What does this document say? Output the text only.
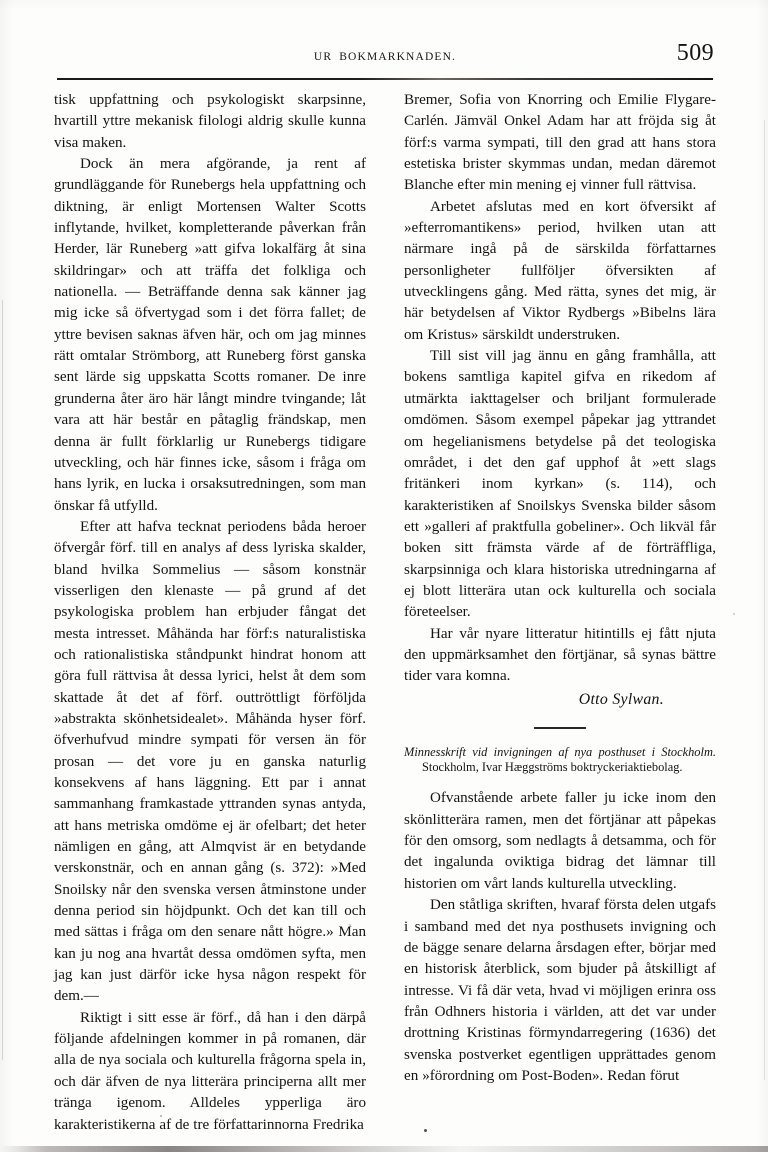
UR BOKMARKNADEN.	509

tisk uppfattning och psykologiskt skarpsinne, hvartill yttre mekanisk filologi aldrig skulle kunna visa maken.

Dock än mera afgörande, ja rent af grundläggande för Runebergs hela uppfattning och diktning, är enligt Mortensen Walter Scotts inflytande, hvilket, kompletterande påverkan från Herder, lär Runeberg »att gifva lokalfärg åt sina skildringar» och att träffa det folkliga och nationella. — Beträffande denna sak känner jag mig icke så öfvertygad som i det förra fallet; de yttre bevisen saknas äfven här, och om jag minnes rätt omtalar Strömborg, att Runeberg först ganska sent lärde sig uppskatta Scotts romaner. De inre grunderna åter äro här långt mindre tvingande; låt vara att här består en påtaglig frändskap, men denna är fullt förklarlig ur Runebergs tidigare utveckling, och här finnes icke, såsom i fråga om hans lyrik, en lucka i orsaksutredningen, som man önskar få utfylld.

Efter att hafva tecknat periodens båda heroer öfvergår förf. till en analys af dess lyriska skalder, bland hvilka Sommelius — såsom konstnär visserligen den klenaste — på grund af det psykologiska problem han erbjuder fångat det mesta intresset. Måhända har förf:s naturalistiska och rationalistiska ståndpunkt hindrat honom att göra full rättvisa åt dessa lyrici, helst åt dem som skattade åt det af förf. outtröttligt förföljda »abstrakta skönhetsidealet». Måhända hyser förf. öfverhufvud mindre sympati för versen än för prosan — det vore ju en ganska naturlig konsekvens af hans läggning. Ett par i annat sammanhang framkastade yttranden synas antyda, att hans metriska omdöme ej är ofelbart; det heter nämligen en gång, att Almqvist är en betydande verskonstnär, och en annan gång (s. 372): »Med Snoilsky når den svenska versen åtminstone under denna period sin höjdpunkt. Och det kan till och med sättas i fråga om den senare nått högre.» Man kan ju nog ana hvartåt dessa omdömen syfta, men jag kan just därför icke hysa någon respekt för dem.—

Riktigt i sitt esse är förf., då han i den därpå följande afdelningen kommer in på romanen, där alla de nya sociala och kulturella frågorna spela in, och där äfven de nya litterära principerna allt mer tränga igenom. Alldeles ypperliga äro karakteristikerna af de tre författarinnorna Fredrika

Bremer, Sofia von Knorring och Emilie Flygare-Carlén. Jämväl Onkel Adam har att fröjda sig åt förf:s varma sympati, till den grad att hans stora estetiska brister skymmas undan, medan däremot Blanche efter min mening ej vinner full rättvisa.

Arbetet afslutas med en kort öfversikt af »efterromantikens» period, hvilken utan att närmare ingå på de särskilda författarnes personligheter fullföljer öfversikten af utvecklingens gång. Med rätta, synes det mig, är här betydelsen af Viktor Rydbergs »Bibelns lära om Kristus» särskildt understruken.

Till sist vill jag ännu en gång framhålla, att bokens samtliga kapitel gifva en rikedom af utmärkta iakttagelser och briljant formulerade omdömen. Såsom exempel påpekar jag yttrandet om hegelianismens betydelse på det teologiska området, i det den gaf upphof åt »ett slags fritänkeri inom kyrkan» (s. 114), och karakteristiken af Snoilskys Svenska bilder såsom ett »galleri af praktfulla gobeliner». Och likväl får boken sitt främsta värde af de förträffliga, skarpsinniga och klara historiska utredningarna af ej blott litterära utan ock kulturella och sociala företeelser.

Har vår nyare litteratur hitintills ej fått njuta den uppmärksamhet den förtjänar, så synas bättre tider vara komna.

Otto Sylwan.

Minnesskrift vid invigningen af nya posthuset i Stockholm. Stockholm, Ivar Hæggströms boktryckeriaktiebolag.

Ofvanstående arbete faller ju icke inom den skönlitterära ramen, men det förtjänar att påpekas för den omsorg, som nedlagts å detsamma, och för det ingalunda oviktiga bidrag det lämnar till historien om vårt lands kulturella utveckling.

Den ståtliga skriften, hvaraf första delen utgafs i samband med det nya posthusets invigning och de bägge senare delarna årsdagen efter, börjar med en historisk återblick, som bjuder på åtskilligt af intresse. Vi få där veta, hvad vi möjligen erinra oss från Odhners historia i världen, att det var under drottning Kristinas förmyndarregering (1636) det svenska postverket egentligen upprättades genom en »förordning om Post-Boden». Redan förut
